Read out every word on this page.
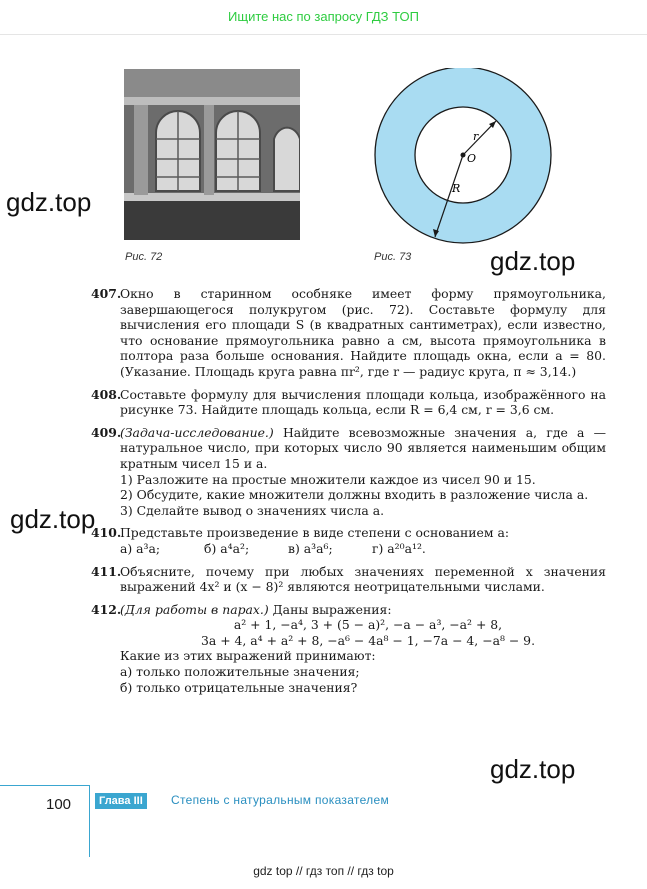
Ищите нас по запросу ГДЗ ТОП
Рис. 72
r
O
R
Рис. 73
gdz.top
gdz.top
gdz.top
gdz.top
407.

Окно в старинном особняке имеет форму прямоугольника, завершающегося полукругом (рис. 72). Составьте формулу для вычисления его площади S (в квадратных сантиметрах), если известно, что основание прямоугольника равно a см, высота прямоугольника в полтора раза больше основания. Найдите площадь окна, если a = 80. (Указание. Площадь круга равна πr², где r — радиус круга, π ≈ 3,14.)

408.

Составьте формулу для вычисления площади кольца, изображённого на рисунке 73. Найдите площадь кольца, если R = 6,4 см, r = 3,6 см.

409.

(Задача-исследование.) Найдите всевозможные значения a, где a — натуральное число, при которых число 90 является наименьшим общим кратным чисел 15 и a.

1) Разложите на простые множители каждое из чисел 90 и 15.

2) Обсудите, какие множители должны входить в разложение числа a.

3) Сделайте вывод о значениях числа a.

410.

Представьте произведение в виде степени с основанием a:

а) a³a;	б) a⁴a²;	в) a³a⁶;	г) a²⁰a¹².

411.

Объясните, почему при любых значениях переменной x значения выражений 4x² и (x − 8)² являются неотрицательными числами.

412.

(Для работы в парах.) Даны выражения:

a² + 1, −a⁴, 3 + (5 − a)², −a − a³, −a² + 8,

3a + 4, a⁴ + a² + 8, −a⁶ − 4a⁸ − 1, −7a − 4, −a⁸ − 9.

Какие из этих выражений принимают:

а) только положительные значения;

б) только отрицательные значения?

100	Глава III	Степень с натуральным показателем
gdz top // гдз топ // гдз top
